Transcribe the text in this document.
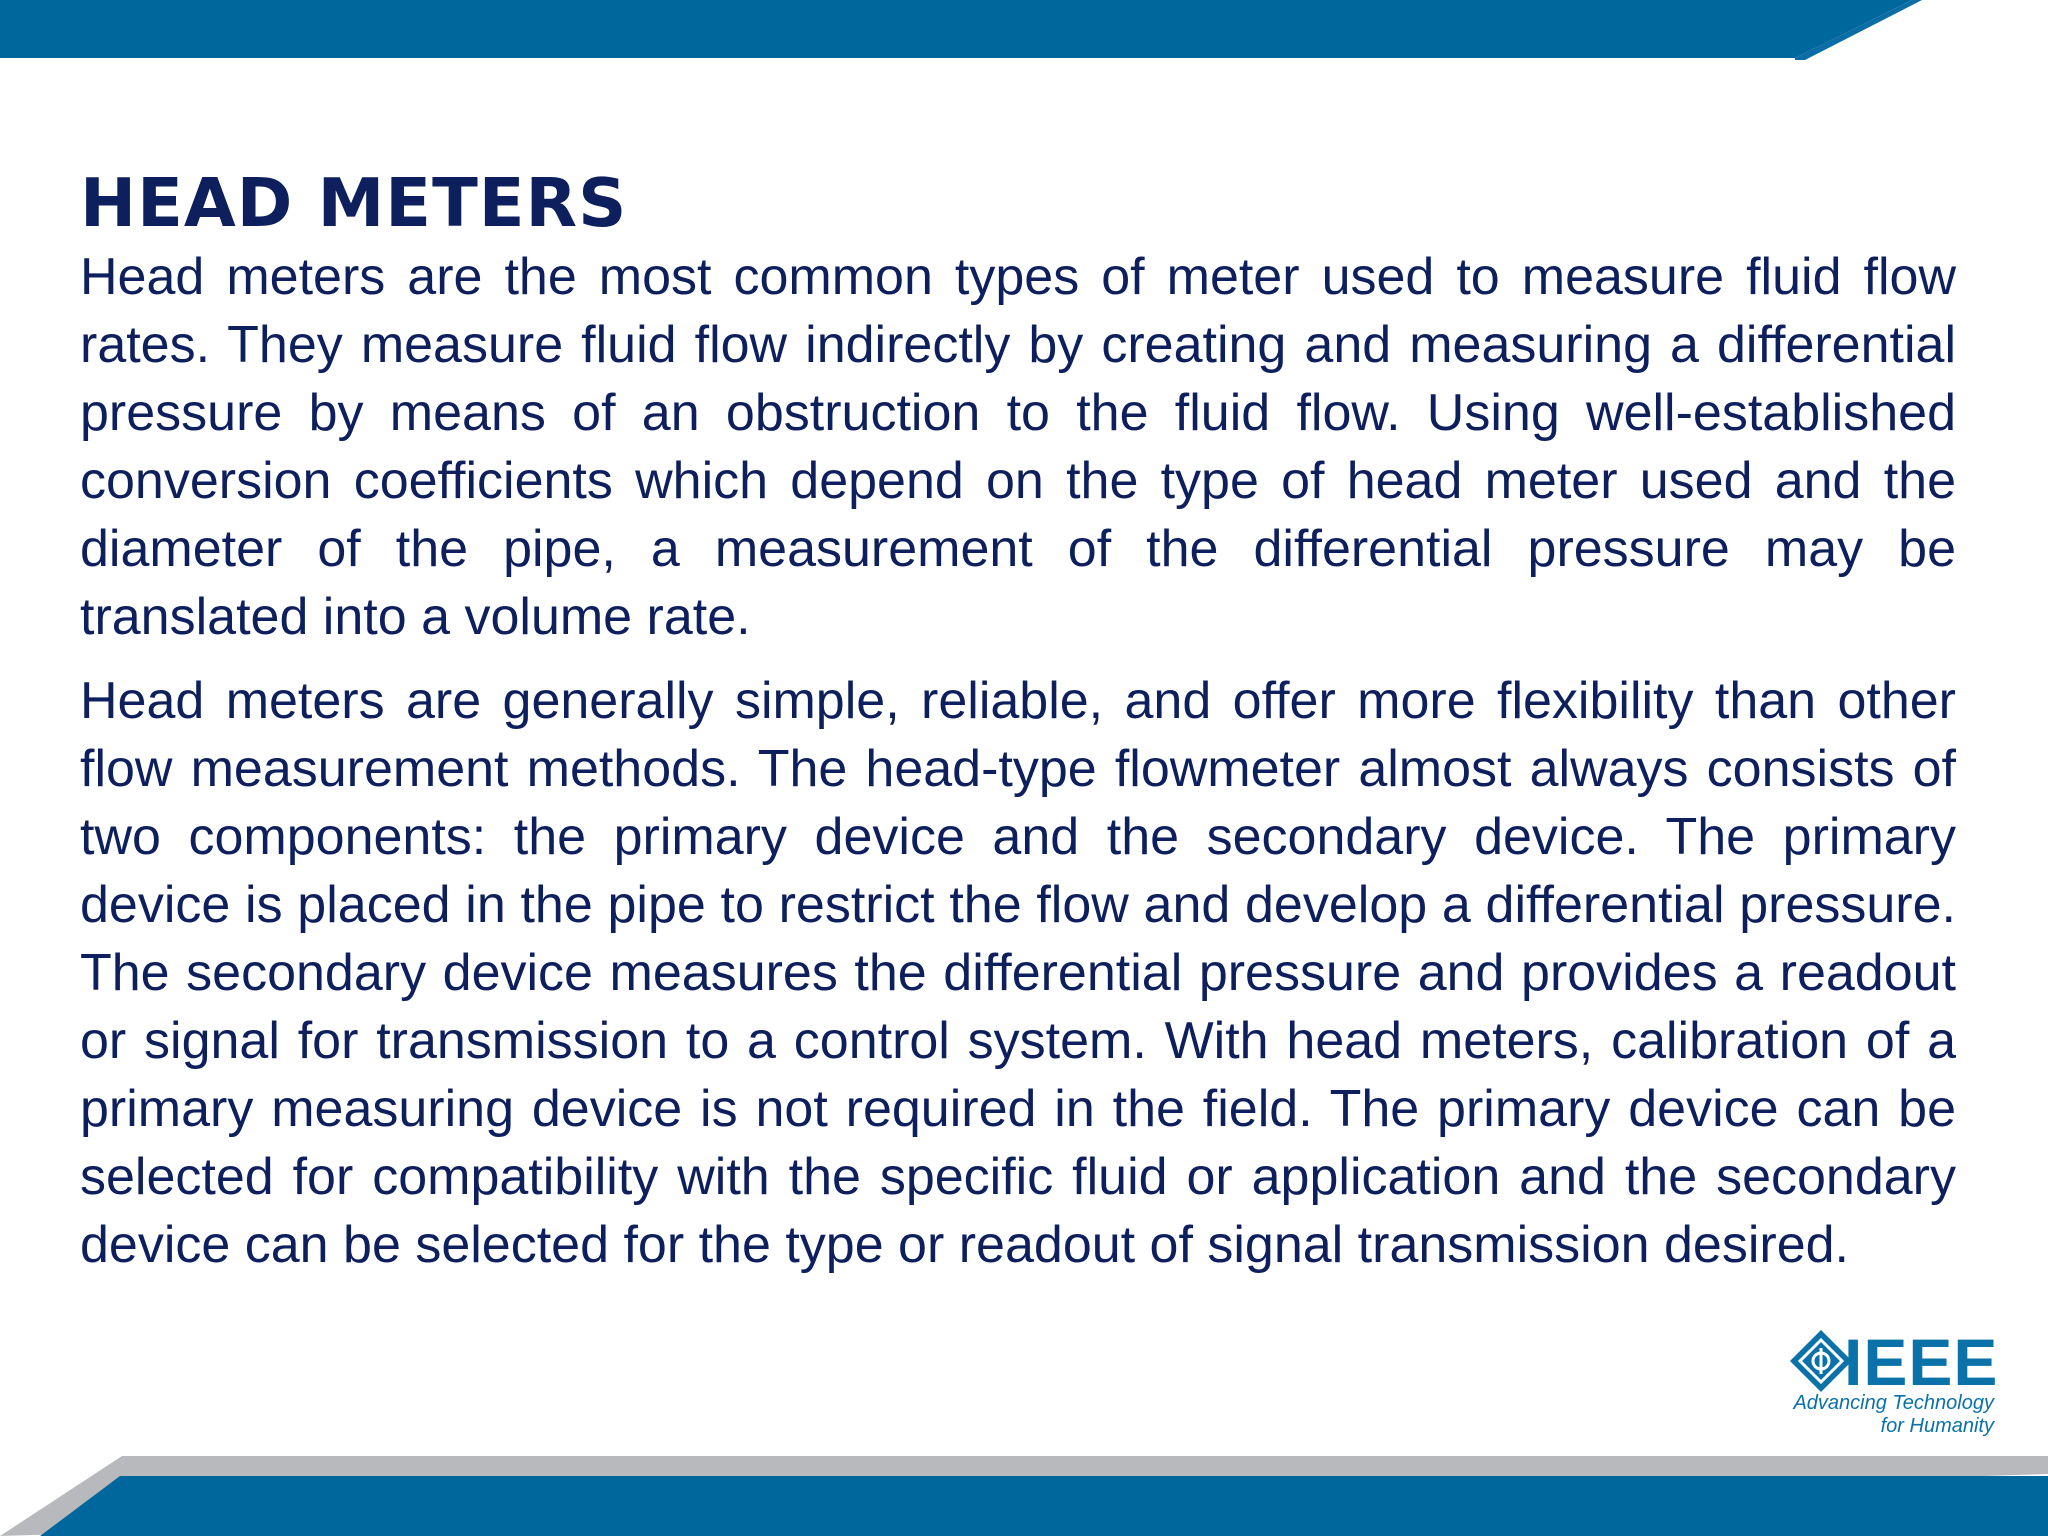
HEAD METERS

Head meters are the most common types of meter used to measure fluid flow rates. They measure fluid flow indirectly by creating and measuring a differential pressure by means of an obstruction to the fluid flow. Using well-established conversion coefficients which depend on the type of head meter used and the diameter of the pipe, a measurement of the differential pressure may be translated into a volume rate.

Head meters are generally simple, reliable, and offer more flexibility than other flow measurement methods. The head-type flowmeter almost always consists of two components: the primary device and the secondary device. The primary device is placed in the pipe to restrict the flow and develop a differential pressure. The secondary device measures the differential pressure and provides a readout or signal for transmission to a control system. With head meters, calibration of a primary measuring device is not required in the field. The primary device can be selected for compatibility with the specific fluid or application and the secondary device can be selected for the type or readout of signal transmission desired.

IEEE
Advancing Technology
for Humanity
